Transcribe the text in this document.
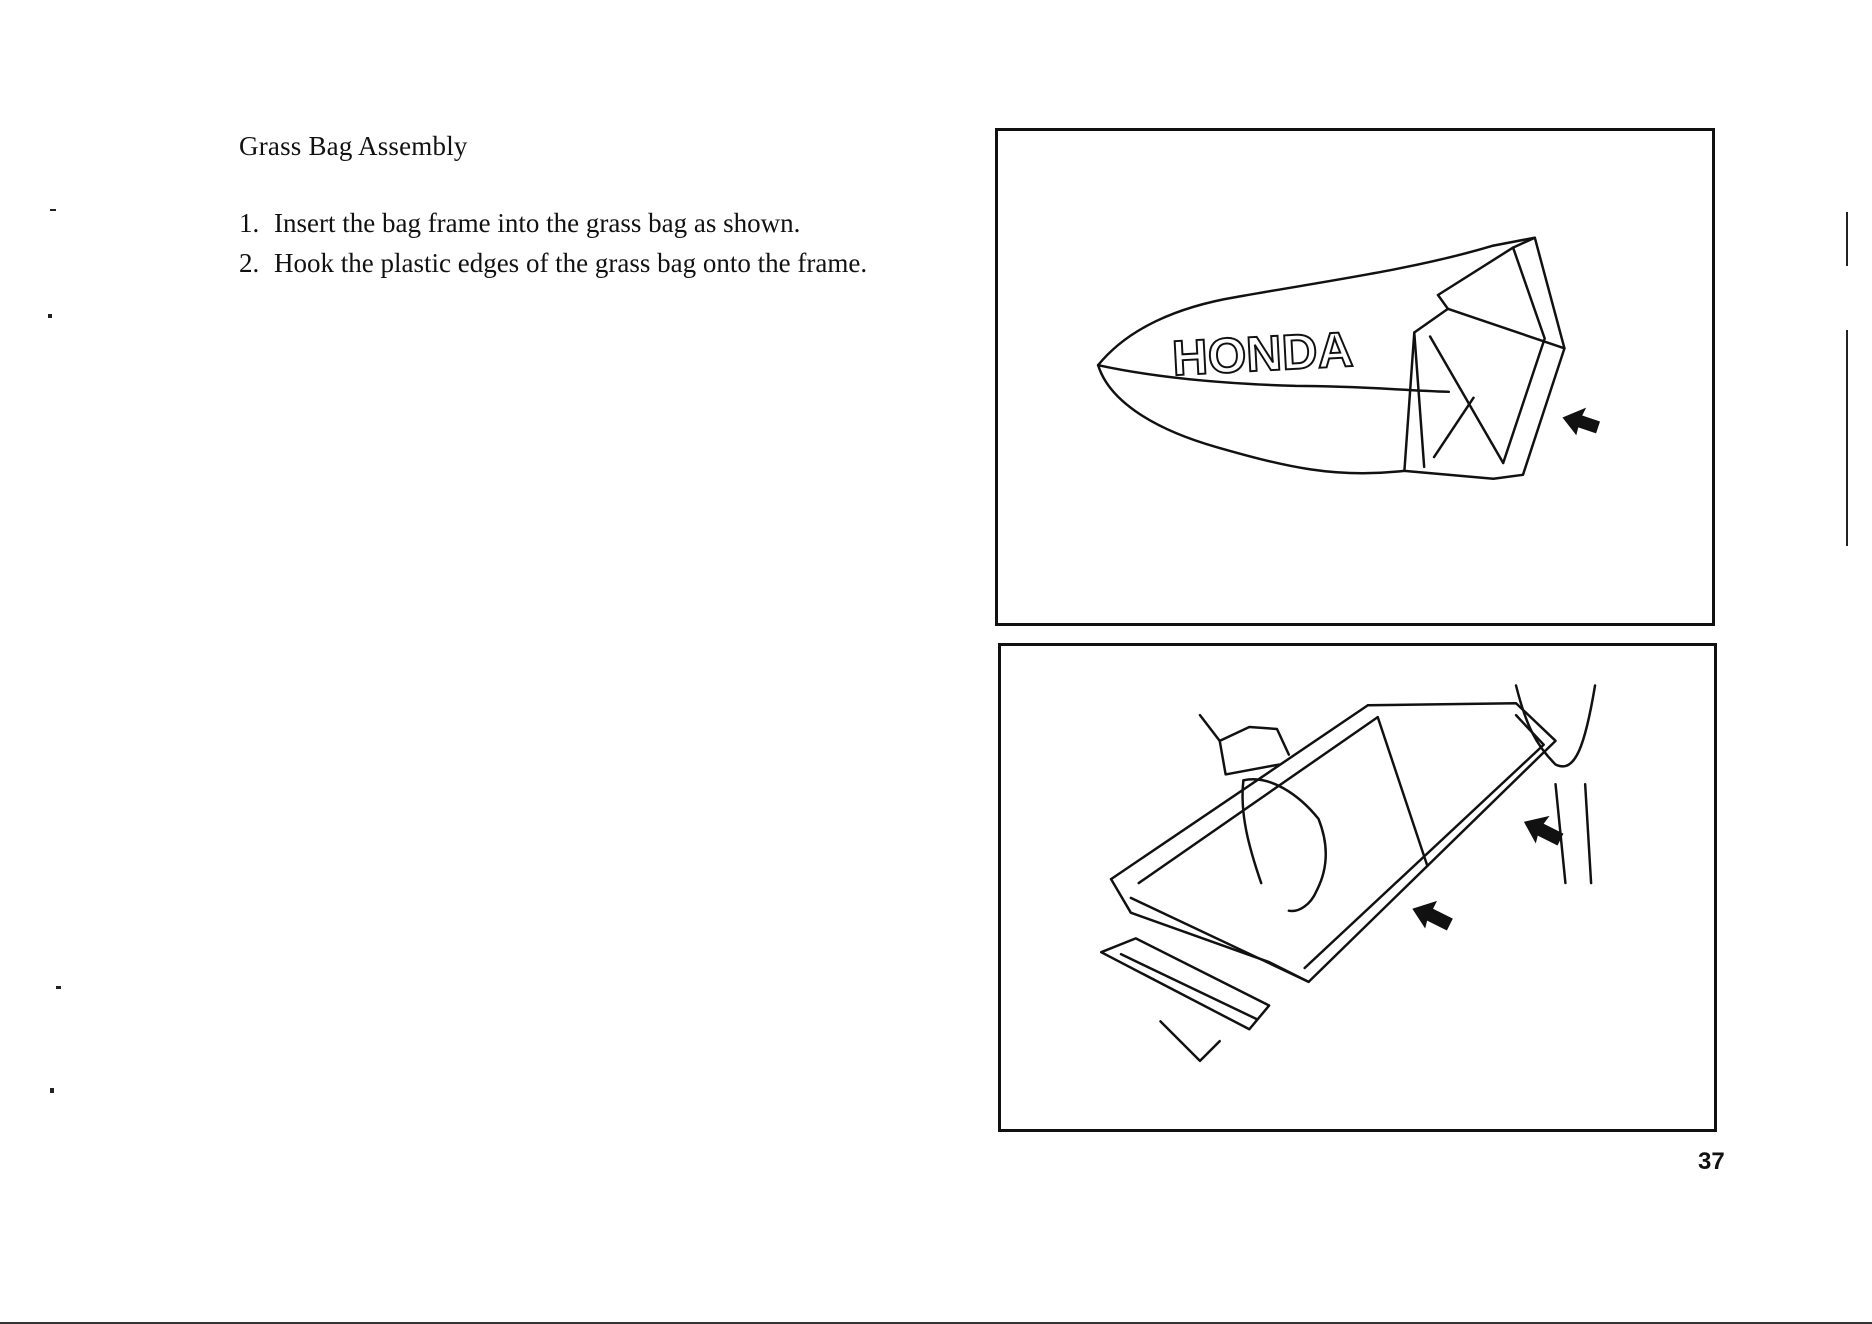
Grass Bag Assembly
1. Insert the bag frame into the grass bag as shown.
2. Hook the plastic edges of the grass bag onto the frame.
HONDA
37
